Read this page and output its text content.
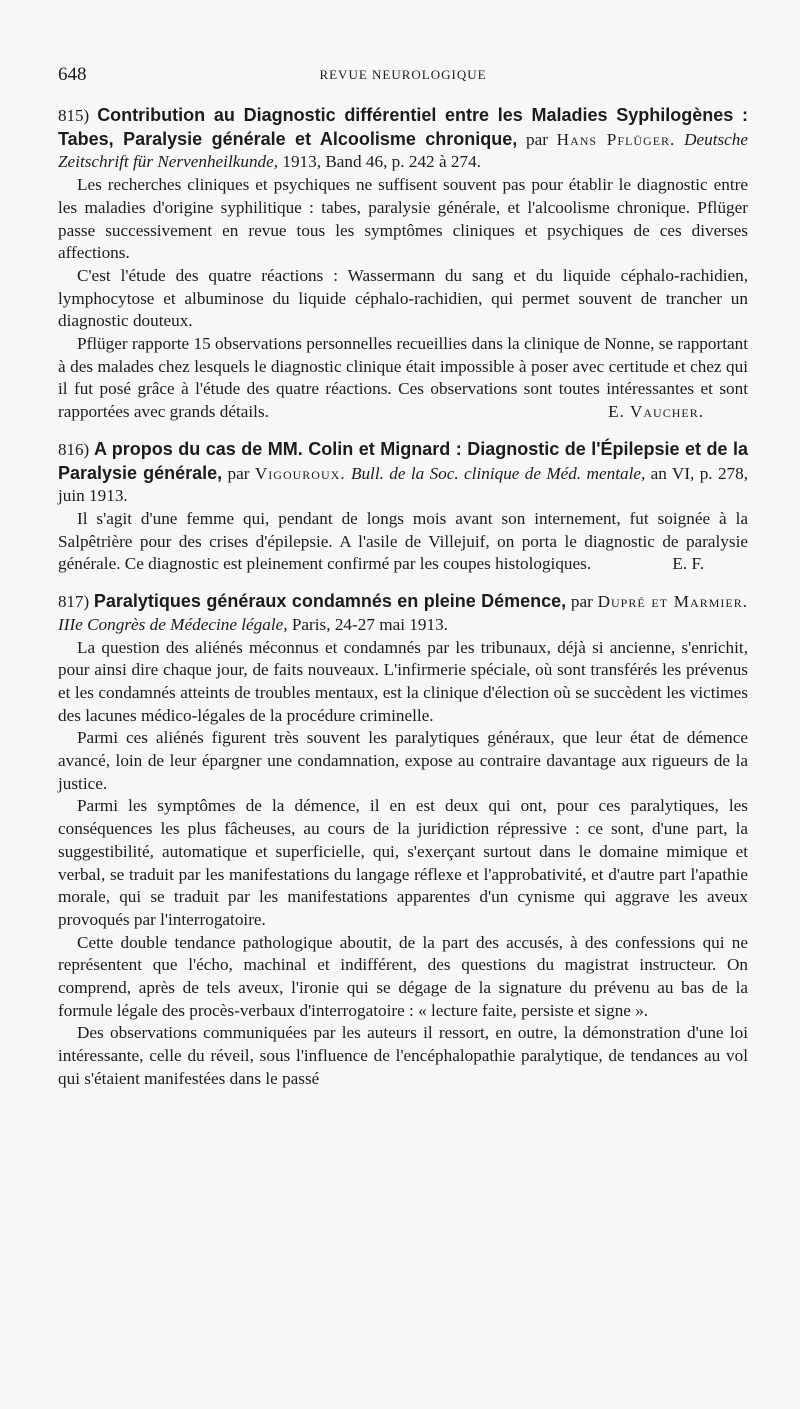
648	REVUE NEUROLOGIQUE

815) Contribution au Diagnostic différentiel entre les Maladies Syphilogènes : Tabes, Paralysie générale et Alcoolisme chronique, par Hans Pflüger. Deutsche Zeitschrift für Nervenheilkunde, 1913, Band 46, p. 242 à 274.

Les recherches cliniques et psychiques ne suffisent souvent pas pour établir le diagnostic entre les maladies d'origine syphilitique : tabes, paralysie générale, et l'alcoolisme chronique. Pflüger passe successivement en revue tous les symptômes cliniques et psychiques de ces diverses affections.

C'est l'étude des quatre réactions : Wassermann du sang et du liquide céphalo-rachidien, lymphocytose et albuminose du liquide céphalo-rachidien, qui permet souvent de trancher un diagnostic douteux.

Pflüger rapporte 15 observations personnelles recueillies dans la clinique de Nonne, se rapportant à des malades chez lesquels le diagnostic clinique était impossible à poser avec certitude et chez qui il fut posé grâce à l'étude des quatre réactions. Ces observations sont toutes intéressantes et sont rapportées avec grands détails.	E. Vaucher.

816) A propos du cas de MM. Colin et Mignard : Diagnostic de l'Épilepsie et de la Paralysie générale, par Vigouroux. Bull. de la Soc. clinique de Méd. mentale, an VI, p. 278, juin 1913.

Il s'agit d'une femme qui, pendant de longs mois avant son internement, fut soignée à la Salpêtrière pour des crises d'épilepsie. A l'asile de Villejuif, on porta le diagnostic de paralysie générale. Ce diagnostic est pleinement confirmé par les coupes histologiques.	E. F.

817) Paralytiques généraux condamnés en pleine Démence, par Dupré et Marmier. IIIe Congrès de Médecine légale, Paris, 24-27 mai 1913.

La question des aliénés méconnus et condamnés par les tribunaux, déjà si ancienne, s'enrichit, pour ainsi dire chaque jour, de faits nouveaux. L'infirmerie spéciale, où sont transférés les prévenus et les condamnés atteints de troubles mentaux, est la clinique d'élection où se succèdent les victimes des lacunes médico-légales de la procédure criminelle.

Parmi ces aliénés figurent très souvent les paralytiques généraux, que leur état de démence avancé, loin de leur épargner une condamnation, expose au contraire davantage aux rigueurs de la justice.

Parmi les symptômes de la démence, il en est deux qui ont, pour ces paralytiques, les conséquences les plus fâcheuses, au cours de la juridiction répressive : ce sont, d'une part, la suggestibilité, automatique et superficielle, qui, s'exerçant surtout dans le domaine mimique et verbal, se traduit par les manifestations du langage réflexe et l'approbativité, et d'autre part l'apathie morale, qui se traduit par les manifestations apparentes d'un cynisme qui aggrave les aveux provoqués par l'interrogatoire.

Cette double tendance pathologique aboutit, de la part des accusés, à des confessions qui ne représentent que l'écho, machinal et indifférent, des questions du magistrat instructeur. On comprend, après de tels aveux, l'ironie qui se dégage de la signature du prévenu au bas de la formule légale des procès-verbaux d'interrogatoire : « lecture faite, persiste et signe ».

Des observations communiquées par les auteurs il ressort, en outre, la démonstration d'une loi intéressante, celle du réveil, sous l'influence de l'encéphalopathie paralytique, de tendances au vol qui s'étaient manifestées dans le passé
